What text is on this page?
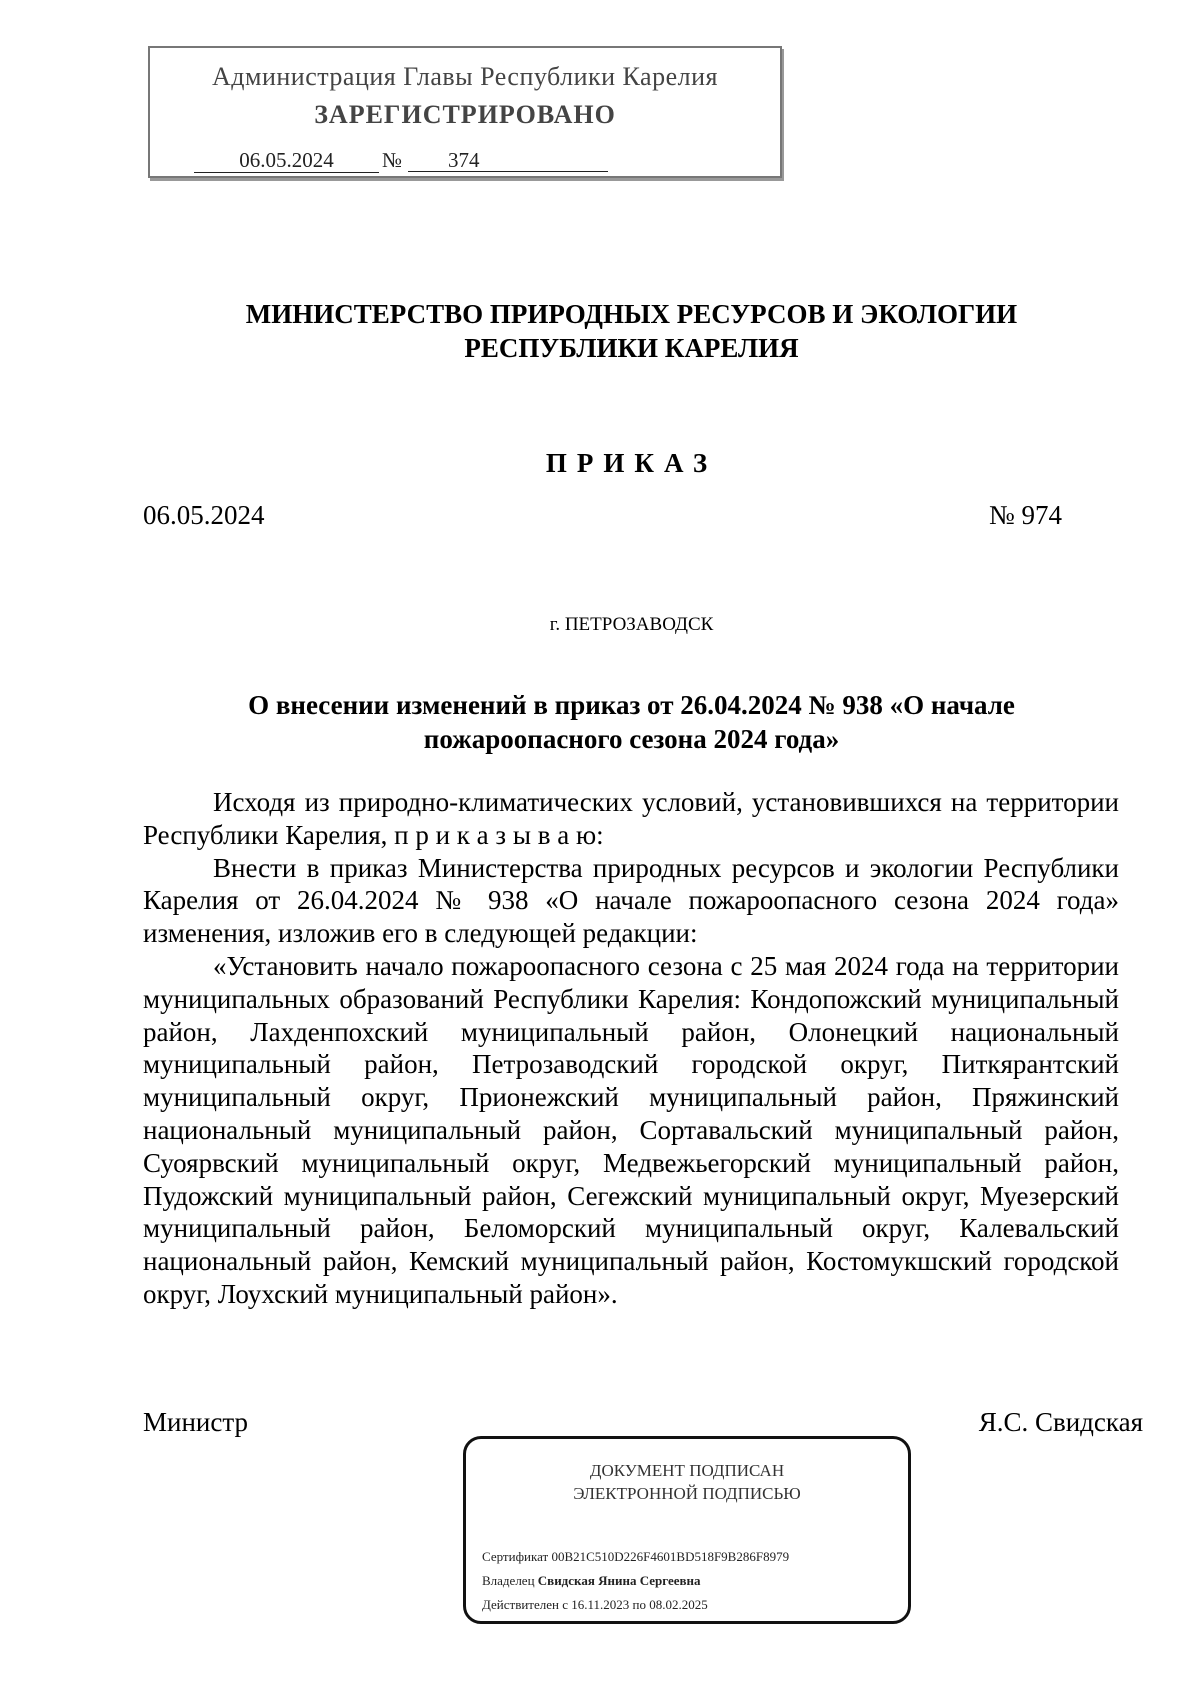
Администрация Главы Республики Карелия
ЗАРЕГИСТРИРОВАНО
06.05.2024	№	374
МИНИСТЕРСТВО ПРИРОДНЫХ РЕСУРСОВ И ЭКОЛОГИИ
РЕСПУБЛИКИ КАРЕЛИЯ
ПРИКАЗ
06.05.2024	№ 974
г. ПЕТРОЗАВОДСК
О внесении изменений в приказ от 26.04.2024 № 938 «О начале
пожароопасного сезона 2024 года»

Исходя из природно-климатических условий, установившихся на территории Республики Карелия, п р и к а з ы в а ю:

Внести в приказ Министерства природных ресурсов и экологии Республики Карелия от 26.04.2024 № 938 «О начале пожароопасного сезона 2024 года» изменения, изложив его в следующей редакции:

«Установить начало пожароопасного сезона с 25 мая 2024 года на территории муниципальных образований Республики Карелия: Кондопожский муниципальный район, Лахденпохский муниципальный район, Олонецкий национальный муниципальный район, Петрозаводский городской округ, Питкярантский муниципальный округ, Прионежский муниципальный район, Пряжинский национальный муниципальный район, Сортавальский муниципальный район, Суоярвский муниципальный округ, Медвежьегорский муниципальный район, Пудожский муниципальный район, Сегежский муниципальный округ, Муезерский муниципальный район, Беломорский муниципальный округ, Калевальский национальный район, Кемский муниципальный район, Костомукшский городской округ, Лоухский муниципальный район».

Министр	Я.С. Свидская
ДОКУМЕНТ ПОДПИСАН
ЭЛЕКТРОННОЙ ПОДПИСЬЮ
Сертификат 00B21C510D226F4601BD518F9B286F8979
Владелец Свидская Янина Сергеевна
Действителен с 16.11.2023 по 08.02.2025
